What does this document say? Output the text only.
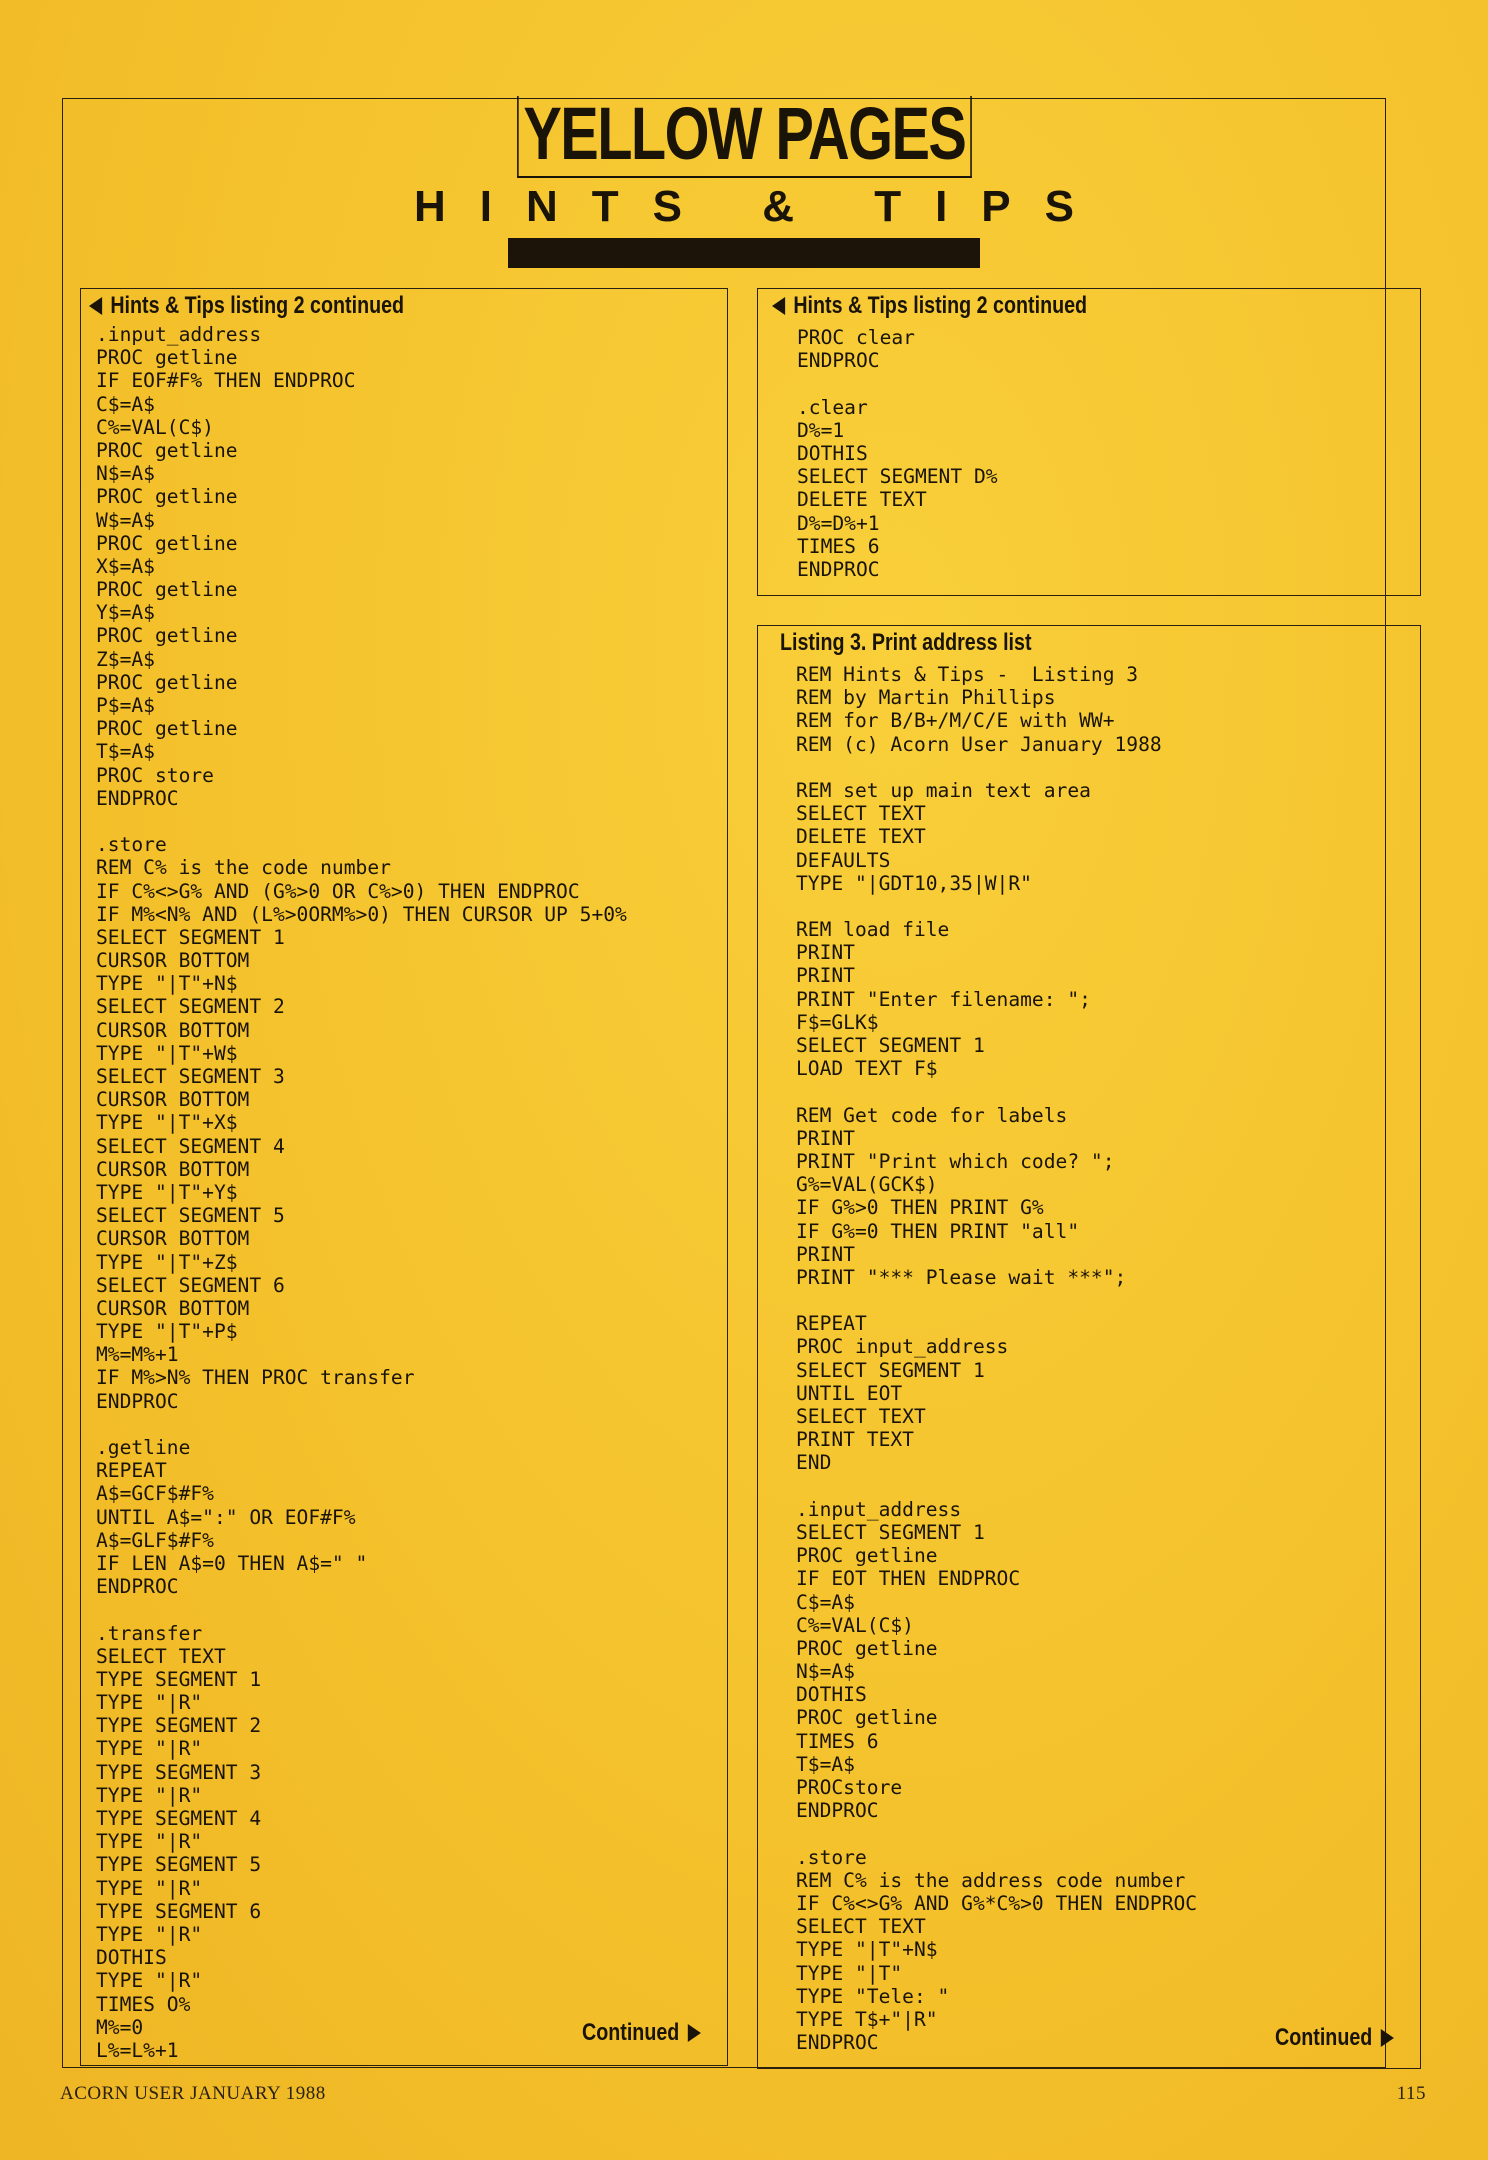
YELLOW PAGES
HINTS & TIPS
Hints & Tips listing 2 continued
.input_address
PROC getline
IF EOF#F% THEN ENDPROC
C$=A$
C%=VAL(C$)
PROC getline
N$=A$
PROC getline
W$=A$
PROC getline
X$=A$
PROC getline
Y$=A$
PROC getline
Z$=A$
PROC getline
P$=A$
PROC getline
T$=A$
PROC store
ENDPROC
.store
REM C% is the code number
IF C%<>G% AND (G%>0 OR C%>0) THEN ENDPROC
IF M%<N% AND (L%>0ORM%>0) THEN CURSOR UP 5+0%
SELECT SEGMENT 1
CURSOR BOTTOM
TYPE "|T"+N$
SELECT SEGMENT 2
CURSOR BOTTOM
TYPE "|T"+W$
SELECT SEGMENT 3
CURSOR BOTTOM
TYPE "|T"+X$
SELECT SEGMENT 4
CURSOR BOTTOM
TYPE "|T"+Y$
SELECT SEGMENT 5
CURSOR BOTTOM
TYPE "|T"+Z$
SELECT SEGMENT 6
CURSOR BOTTOM
TYPE "|T"+P$
M%=M%+1
IF M%>N% THEN PROC transfer
ENDPROC
.getline
REPEAT
A$=GCF$#F%
UNTIL A$=":" OR EOF#F%
A$=GLF$#F%
IF LEN A$=0 THEN A$=" "
ENDPROC
.transfer
SELECT TEXT
TYPE SEGMENT 1
TYPE "|R"
TYPE SEGMENT 2
TYPE "|R"
TYPE SEGMENT 3
TYPE "|R"
TYPE SEGMENT 4
TYPE "|R"
TYPE SEGMENT 5
TYPE "|R"
TYPE SEGMENT 6
TYPE "|R"
DOTHIS
TYPE "|R"
TIMES O%
M%=0
L%=L%+1
Continued
Hints & Tips listing 2 continued
PROC clear
ENDPROC
.clear
D%=1
DOTHIS
SELECT SEGMENT D%
DELETE TEXT
D%=D%+1
TIMES 6
ENDPROC
Listing 3. Print address list
REM Hints & Tips -  Listing 3
REM by Martin Phillips
REM for B/B+/M/C/E with WW+
REM (c) Acorn User January 1988
REM set up main text area
SELECT TEXT
DELETE TEXT
DEFAULTS
TYPE "|GDT10,35|W|R"
REM load file
PRINT
PRINT
PRINT "Enter filename: ";
F$=GLK$
SELECT SEGMENT 1
LOAD TEXT F$
REM Get code for labels
PRINT
PRINT "Print which code? ";
G%=VAL(GCK$)
IF G%>0 THEN PRINT G%
IF G%=0 THEN PRINT "all"
PRINT
PRINT "*** Please wait ***";
REPEAT
PROC input_address
SELECT SEGMENT 1
UNTIL EOT
SELECT TEXT
PRINT TEXT
END
.input_address
SELECT SEGMENT 1
PROC getline
IF EOT THEN ENDPROC
C$=A$
C%=VAL(C$)
PROC getline
N$=A$
DOTHIS
PROC getline
TIMES 6
T$=A$
PROCstore
ENDPROC
.store
REM C% is the address code number
IF C%<>G% AND G%*C%>0 THEN ENDPROC
SELECT TEXT
TYPE "|T"+N$
TYPE "|T"
TYPE "Tele: "
TYPE T$+"|R"
ENDPROC	Continued
ACORN USER JANUARY 1988	115
